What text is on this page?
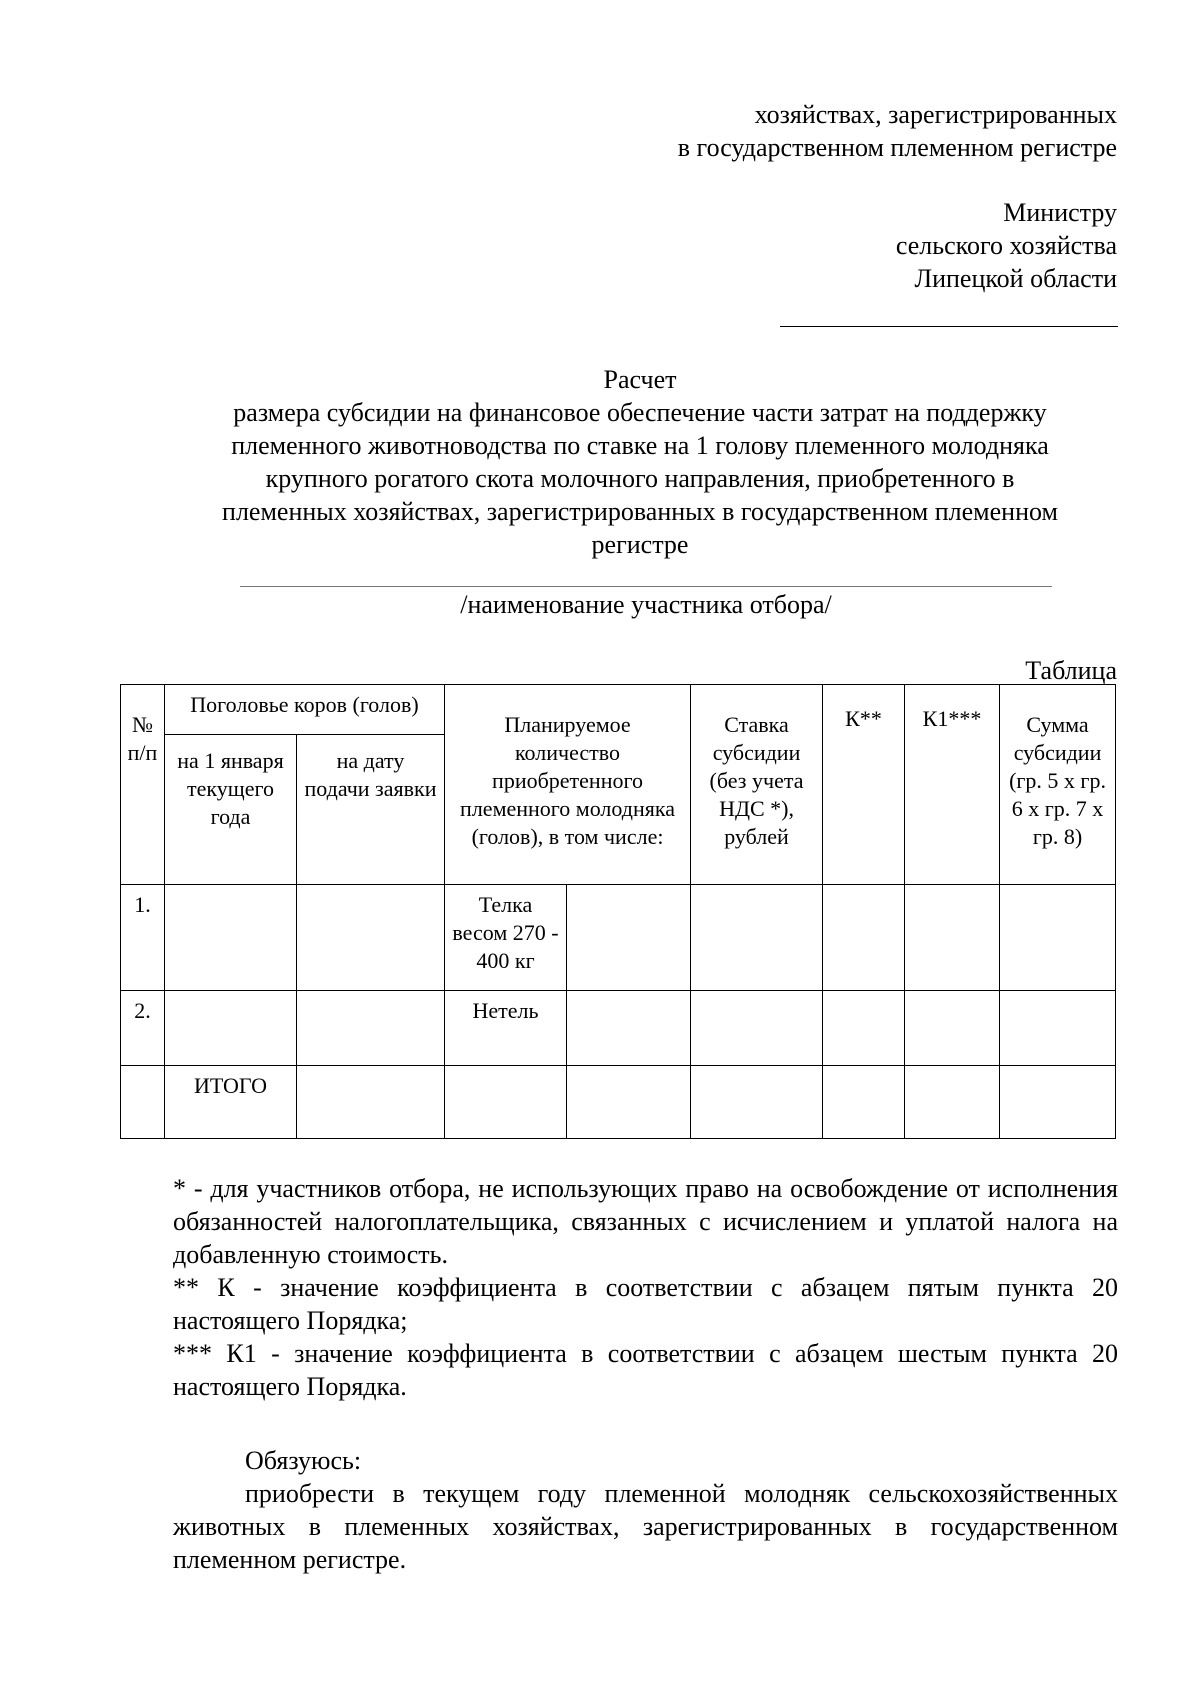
хозяйствах, зарегистрированных
в государственном племенном регистре
Министру
сельского хозяйства
Липецкой области
Расчет
размера субсидии на финансовое обеспечение части затрат на поддержку
племенного животноводства по ставке на 1 голову племенного молодняка
крупного рогатого скота молочного направления, приобретенного в
племенных хозяйствах, зарегистрированных в государственном племенном
регистре
/наименование участника отбора/
Таблица
№ п/п	Поголовье коров (голов)		Планируемое количество приобретенного племенного молодняка (голов), в том числе:		Ставка субсидии (без учета НДС *), рублей	К**	К1***	Сумма субсидии (гр. 5 х гр. 6 х гр. 7 х гр. 8)
	на 1 января текущего года	на дату подачи заявки						
1.			Телка весом 270 - 400 кг					
2.			Нетель					
	ИТОГО							

* - для участников отбора, не использующих право на освобождение от исполнения обязанностей налогоплательщика, связанных с исчислением и уплатой налога на добавленную стоимость.

** К - значение коэффициента в соответствии с абзацем пятым пункта 20 настоящего Порядка;

*** К1 - значение коэффициента в соответствии с абзацем шестым пункта 20 настоящего Порядка.

Обязуюсь:

приобрести в текущем году племенной молодняк сельскохозяйственных животных в племенных хозяйствах, зарегистрированных в государственном племенном регистре.
